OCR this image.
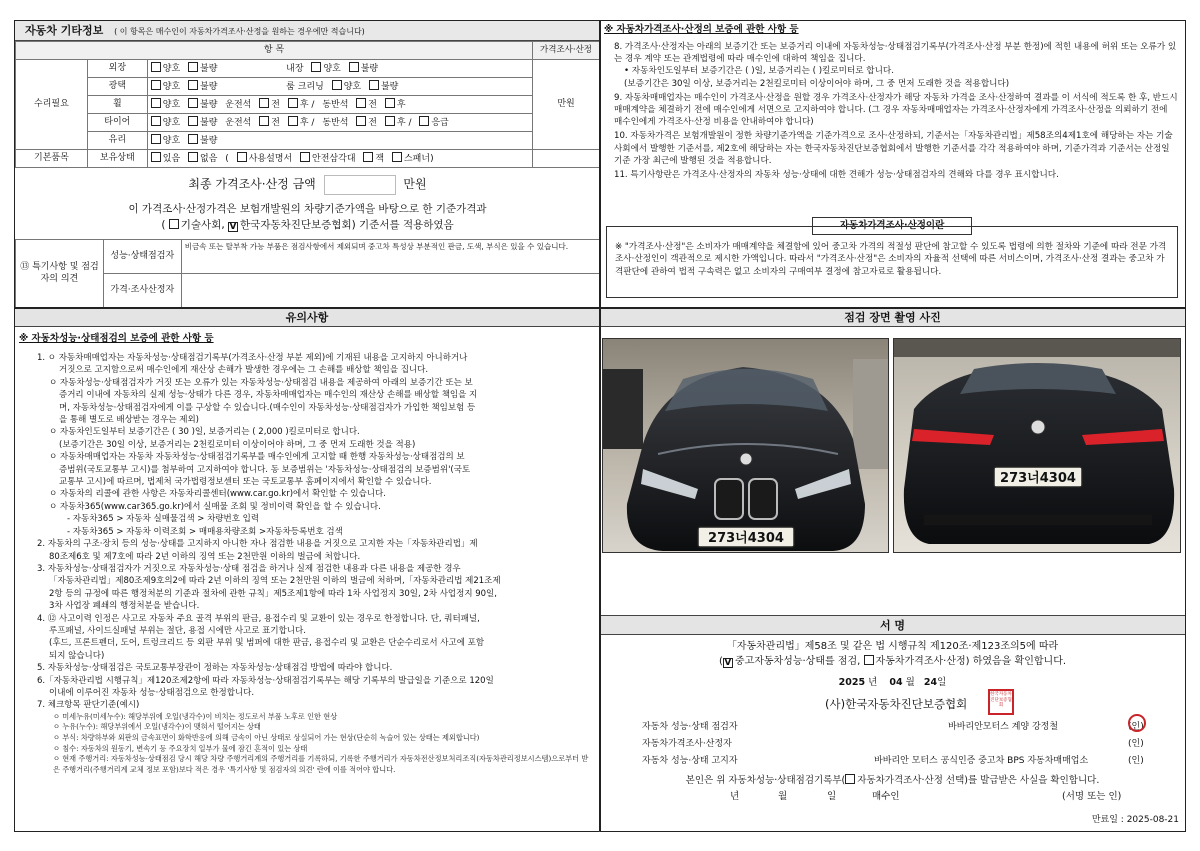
자동차 기타정보 ( 이 항목은 매수인이 자동차가격조사·산정을 원하는 경우에만 적습니다)
항 목			가격조사·산정
수리필요	외장	양호 불량 내장 양호 불량	만원
	광택	양호 불량 룸 크리닝 양호 불량	
	휠	양호 불량 운전석 전 후 / 동반석 전 후	
	타이어	양호 불량 운전석 전 후 / 동반석 전 후 / 응급	
	유리	양호 불량	
기본품목	보유상태	있음 없음 ( 사용설명서 안전삼각대 잭 스패너)	
최종 가격조사·산정 금액	만원
이 가격조사·산정가격은 보험개발원의 차량기준가액을 바탕으로 한 기준가격과
( 기술사회, V 한국자동차진단보증협회) 기준서를 적용하였음
⑬ 특기사항 및 점검자의 의견	성능·상태점검자	비금속 또는 탈부착 가능 부품은 점검사항에서 제외되며 중고차 특성상 부분적인 판금, 도색, 부식은 있을 수 있습니다.
	가격·조사산정자	
※ 자동차가격조사·산정의 보증에 관한 사항 등

8. 가격조사·산정자는 아래의 보증기간 또는 보증거리 이내에 자동차성능·상태점검기록부(가격조사·산정 부분 한정)에 적힌 내용에 허위 또는 오류가 있는 경우 계약 또는 관계법령에 따라 매수인에 대하여 책임을 집니다.

• 자동차인도일부터 보증기간은 ( )일, 보증거리는 ( )킬로미터로 합니다.

(보증기간은 30일 이상, 보증거리는 2천킬로미터 이상이어야 하며, 그 중 먼저 도래한 것을 적용합니다)

9. 자동차매매업자는 매수인이 가격조사·산정을 원할 경우 가격조사·산정자가 해당 자동차 가격을 조사·산정하여 결과를 이 서식에 적도록 한 후, 반드시 매매계약을 체결하기 전에 매수인에게 서면으로 고지하여야 합니다. (그 경우 자동차매매업자는 가격조사·산정자에게 가격조사·산정을 의뢰하기 전에 매수인에게 가격조사·산정 비용을 안내하여야 합니다)

10. 자동차가격은 보험개발원이 정한 차량기준가액을 기준가격으로 조사·산정하되, 기준서는「자동차관리법」제58조의4제1호에 해당하는 자는 기술사회에서 발행한 기준서를, 제2호에 해당하는 자는 한국자동차진단보증협회에서 발행한 기준서를 각각 적용하여야 하며, 기준가격과 기준서는 산정일 기준 가장 최근에 발행된 것을 적용합니다.

11. 특기사항란은 가격조사·산정자의 자동차 성능·상태에 대한 견해가 성능·상태점검자의 견해와 다를 경우 표시합니다.

자동차가격조사·산정이란
※ "가격조사·산정"은 소비자가 매매계약을 체결함에 있어 중고차 가격의 적절성 판단에 참고할 수 있도록 법령에 의한 절차와 기준에 따라 전문 가격조사·산정인이 객관적으로 제시한 가액입니다. 따라서 "가격조사·산정"은 소비자의 자율적 선택에 따른 서비스이며, 가격조사·산정 결과는 중고차 가격판단에 관하여 법적 구속력은 없고 소비자의 구매여부 결정에 참고자료로 활용됩니다.
유의사항
※ 자동차성능·상태점검의 보증에 관한 사항 등

1. ㅇ 자동차매매업자는 자동차성능·상태점검기록부(가격조사·산정 부분 제외)에 기재된 내용을 고지하지 아니하거나

거짓으로 고지함으로써 매수인에게 재산상 손해가 발생한 경우에는 그 손해를 배상할 책임을 집니다.

ㅇ 자동차성능·상태점검자가 거짓 또는 오류가 있는 자동차성능·상태점검 내용을 제공하여 아래의 보증기간 또는 보

증거리 이내에 자동차의 실제 성능·상태가 다른 경우, 자동차매매업자는 매수인의 재산상 손해를 배상할 책임을 지

며, 자동차성능·상태점검자에게 이를 구상할 수 있습니다.(매수인이 자동차성능·상태점검자가 가입한 책임보험 등

을 통해 별도로 배상받는 경우는 제외)

ㅇ 자동차인도일부터 보증기간은 ( 30 )일, 보증거리는 ( 2,000 )킬로미터로 합니다.

(보증기간은 30일 이상, 보증거리는 2천킬로미터 이상이어야 하며, 그 중 먼저 도래한 것을 적용)

ㅇ 자동차매매업자는 자동차 자동차성능·상태점검기록부를 매수인에게 고지할 때 한행 자동차성능·상태점검의 보

증범위(국토교통부 고시)를 첨부하여 고지하여야 합니다. 동 보증범위는 '자동차성능·상태점검의 보증범위'(국토

교통부 고시)에 따르며, 법제처 국가법령정보센터 또는 국토교통부 홈페이지에서 확인할 수 있습니다.

ㅇ 자동차의 리콜에 관한 사항은 자동차리콜센터(www.car.go.kr)에서 확인할 수 있습니다.

ㅇ 자동차365(www.car365.go.kr)에서 실매물 조회 및 정비이력 확인을 할 수 있습니다.

- 자동차365 > 자동차 실매물검색 > 차량번호 입력

- 자동차365 > 자동차 이력조회 > 매매용차량조회 >자동차등록번호 검색

2. 자동차의 구조·장치 등의 성능·상태를 고지하지 아니한 자나 점검한 내용을 거짓으로 고지한 자는「자동차관리법」제

80조제6호 및 제7호에 따라 2년 이하의 징역 또는 2천만원 이하의 벌금에 처합니다.

3. 자동차성능·상태점검자가 거짓으로 자동차성능·상태 점검을 하거나 실제 점검한 내용과 다른 내용을 제공한 경우

「자동차관리법」제80조제9호의2에 따라 2년 이하의 징역 또는 2천만원 이하의 벌금에 처하며,「자동차관리법 제21조제

2항 등의 규정에 따른 행정처분의 기준과 절차에 관한 규칙」제5조제1항에 따라 1차 사업정지 30일, 2차 사업정지 90일,

3차 사업장 폐쇄의 행정처분을 받습니다.

4. ⑫ 사고이력 인정은 사고로 자동차 주요 골격 부위의 판금, 용접수리 및 교환이 있는 경우로 한정합니다. 단, 쿼터패널,

루프패널, 사이드실패널 부위는 절단, 용접 시에만 사고로 표기합니다.

(후드, 프론트펜더, 도어, 트렁크리드 등 외판 부위 및 범퍼에 대한 판금, 용접수리 및 교환은 단순수리로서 사고에 포함

되지 않습니다)

5. 자동차성능·상태점검은 국토교통부장관이 정하는 자동차성능·상태점검 방법에 따라야 합니다.

6.「자동차관리법 시행규칙」제120조제2항에 따라 자동차성능·상태점검기록부는 해당 기록부의 발급일을 기준으로 120일

이내에 이루어진 자동차 성능·상태점검으로 한정합니다.

7. 체크항목 판단기준(예시)

ㅇ 미세누유(미세누수): 해당부위에 오일(냉각수)이 비치는 정도로서 부품 노후로 인한 현상
ㅇ 누유(누수): 해당부위에서 오일(냉각수)이 맺혀서 떨어지는 상태
ㅇ 부식: 차량하부와 외판의 금속표면이 화학반응에 의해 금속이 아닌 상태로 상실되어 가는 현상(단순히 녹슬어 있는 상태는 제외합니다)
ㅇ 침수: 자동차의 원동기, 변속기 등 주요장치 일부가 물에 잠긴 흔적이 있는 상태
ㅇ 현재 주행거리: 자동차성능·상태점검 당시 해당 차량 주행거리계의 주행거리를 기록하되, 기록한 주행거리가 자동차전산정보처리조직(자동차관리정보시스템)으로부터 받은 주행거리(주행거리계 교체 정보 포함)보다 적은 경우 '특기사항 및 점검자의 의견' 란에 이를 적어야 합니다.
점검 장면 촬영 사진
273너4304
273너4304
서 명
「자동차관리법」제58조 및 같은 법 시행규칙 제120조·제123조의5에 따라
( V 중고자동차성능·상태를 점검, 자동차가격조사·산정) 하였음을 확인합니다.
2025 년 04 월 24일
(사)한국자동차진단보증협회
한국자동차진단보증협회
자동차 성능·상태 점검자	바바리안모터스 계양 강정철	(인)
자동차가격조사·산정자	(인)
자동차 성능·상태 고지자	바바리안 모터스 공식인증 중고차 BPS 자동차매매업소	(인)
본인은 위 자동차성능·상태점검기록부( 자동차가격조사·산정 선택)를 발급받은 사실을 확인합니다.
년	월	일	매수인	(서명 또는 인)
만료일 : 2025-08-21
